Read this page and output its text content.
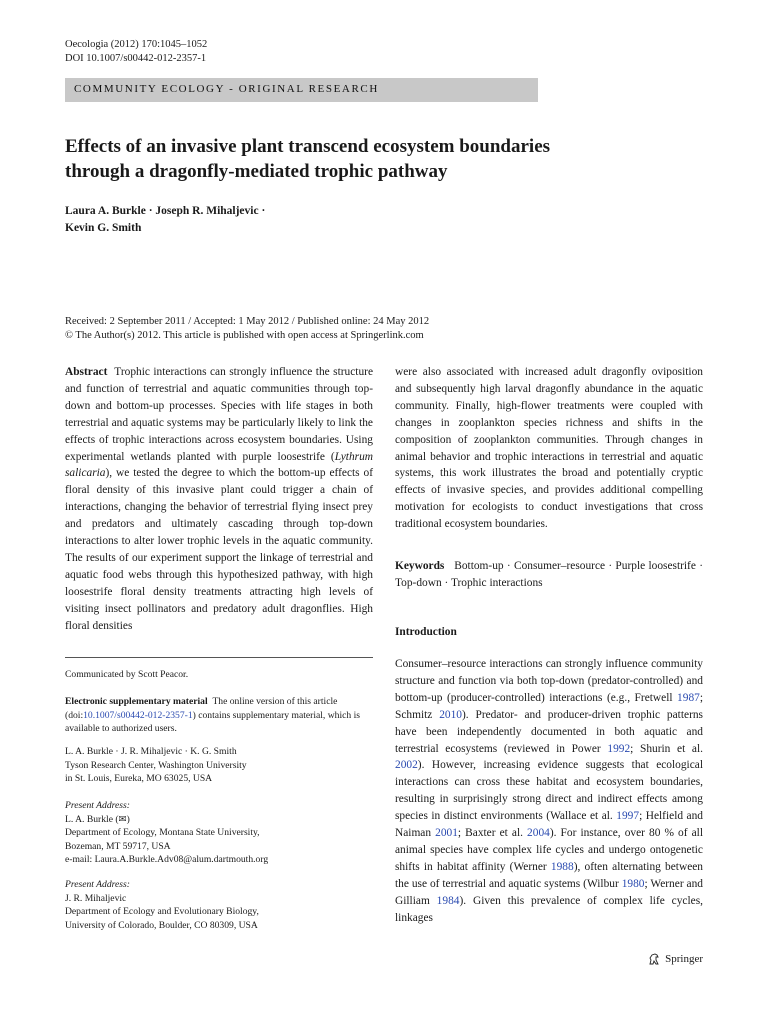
Oecologia (2012) 170:1045–1052
DOI 10.1007/s00442-012-2357-1
COMMUNITY ECOLOGY - ORIGINAL RESEARCH
Effects of an invasive plant transcend ecosystem boundaries
through a dragonfly-mediated trophic pathway
Laura A. Burkle · Joseph R. Mihaljevic ·
Kevin G. Smith
Received: 2 September 2011 / Accepted: 1 May 2012 / Published online: 24 May 2012
© The Author(s) 2012. This article is published with open access at Springerlink.com

Abstract Trophic interactions can strongly influence the structure and function of terrestrial and aquatic communities through top-down and bottom-up processes. Species with life stages in both terrestrial and aquatic systems may be particularly likely to link the effects of trophic interactions across ecosystem boundaries. Using experimental wetlands planted with purple loosestrife (Lythrum salicaria), we tested the degree to which the bottom-up effects of floral density of this invasive plant could trigger a chain of interactions, changing the behavior of terrestrial flying insect prey and predators and ultimately cascading through top-down interactions to alter lower trophic levels in the aquatic community. The results of our experiment support the linkage of terrestrial and aquatic food webs through this hypothesized pathway, with high loosestrife floral density treatments attracting high levels of visiting insect pollinators and predatory adult dragonflies. High floral densities

Communicated by Scott Peacor.

Electronic supplementary material The online version of this article (doi:10.1007/s00442-012-2357-1) contains supplementary material, which is available to authorized users.

L. A. Burkle · J. R. Mihaljevic · K. G. Smith

Tyson Research Center, Washington University

in St. Louis, Eureka, MO 63025, USA

Present Address:

L. A. Burkle (✉)

Department of Ecology, Montana State University,

Bozeman, MT 59717, USA

e-mail: Laura.A.Burkle.Adv08@alum.dartmouth.org

Present Address:

J. R. Mihaljevic

Department of Ecology and Evolutionary Biology,

University of Colorado, Boulder, CO 80309, USA

were also associated with increased adult dragonfly oviposition and subsequently high larval dragonfly abundance in the aquatic community. Finally, high-flower treatments were coupled with changes in zooplankton species richness and shifts in the composition of zooplankton communities. Through changes in animal behavior and trophic interactions in terrestrial and aquatic systems, this work illustrates the broad and potentially cryptic effects of invasive species, and provides additional compelling motivation for ecologists to conduct investigations that cross traditional ecosystem boundaries.

Keywords Bottom-up · Consumer–resource · Purple loosestrife · Top-down · Trophic interactions

Introduction

Consumer–resource interactions can strongly influence community structure and function via both top-down (predator-controlled) and bottom-up (producer-controlled) interactions (e.g., Fretwell 1987; Schmitz 2010). Predator- and producer-driven trophic patterns have been independently documented in both aquatic and terrestrial ecosystems (reviewed in Power 1992; Shurin et al. 2002). However, increasing evidence suggests that ecological interactions can cross these habitat and ecosystem boundaries, resulting in surprisingly strong direct and indirect effects among species in distinct environments (Wallace et al. 1997; Helfield and Naiman 2001; Baxter et al. 2004). For instance, over 80 % of all animal species have complex life cycles and undergo ontogenetic shifts in habitat affinity (Werner 1988), often alternating between the use of terrestrial and aquatic systems (Wilbur 1980; Werner and Gilliam 1984). Given this prevalence of complex life cycles, linkages

Springer
